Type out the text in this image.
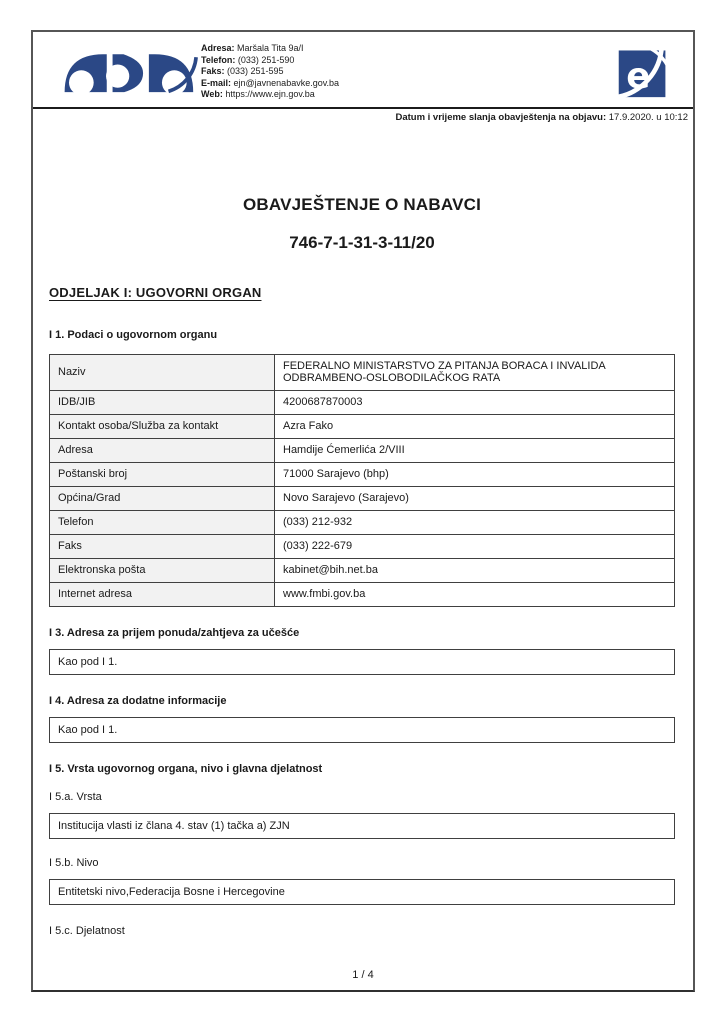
Adresa: Maršala Tita 9a/I
Telefon: (033) 251-590
Faks: (033) 251-595
E-mail: ejn@javnenabavke.gov.ba
Web: https://www.ejn.gov.ba	e
Datum i vrijeme slanja obavještenja na objavu: 17.9.2020. u 10:12
OBAVJEŠTENJE O NABAVCI
746-7-1-31-3-11/20
ODJELJAK I: UGOVORNI ORGAN
I 1. Podaci o ugovornom organu
Naziv	FEDERALNO MINISTARSTVO ZA PITANJA BORACA I INVALIDA ODBRAMBENO-OSLOBODILAČKOG RATA
IDB/JIB	4200687870003
Kontakt osoba/Služba za kontakt	Azra Fako
Adresa	Hamdije Ćemerlića 2/VIII
Poštanski broj	71000 Sarajevo (bhp)
Općina/Grad	Novo Sarajevo (Sarajevo)
Telefon	(033) 212-932
Faks	(033) 222-679
Elektronska pošta	kabinet@bih.net.ba
Internet adresa	www.fmbi.gov.ba
I 3. Adresa za prijem ponuda/zahtjeva za učešće
Kao pod I 1.
I 4. Adresa za dodatne informacije
Kao pod I 1.
I 5. Vrsta ugovornog organa, nivo i glavna djelatnost
I 5.a. Vrsta
Institucija vlasti iz člana 4. stav (1) tačka a) ZJN
I 5.b. Nivo
Entitetski nivo,Federacija Bosne i Hercegovine
I 5.c. Djelatnost
1 / 4
